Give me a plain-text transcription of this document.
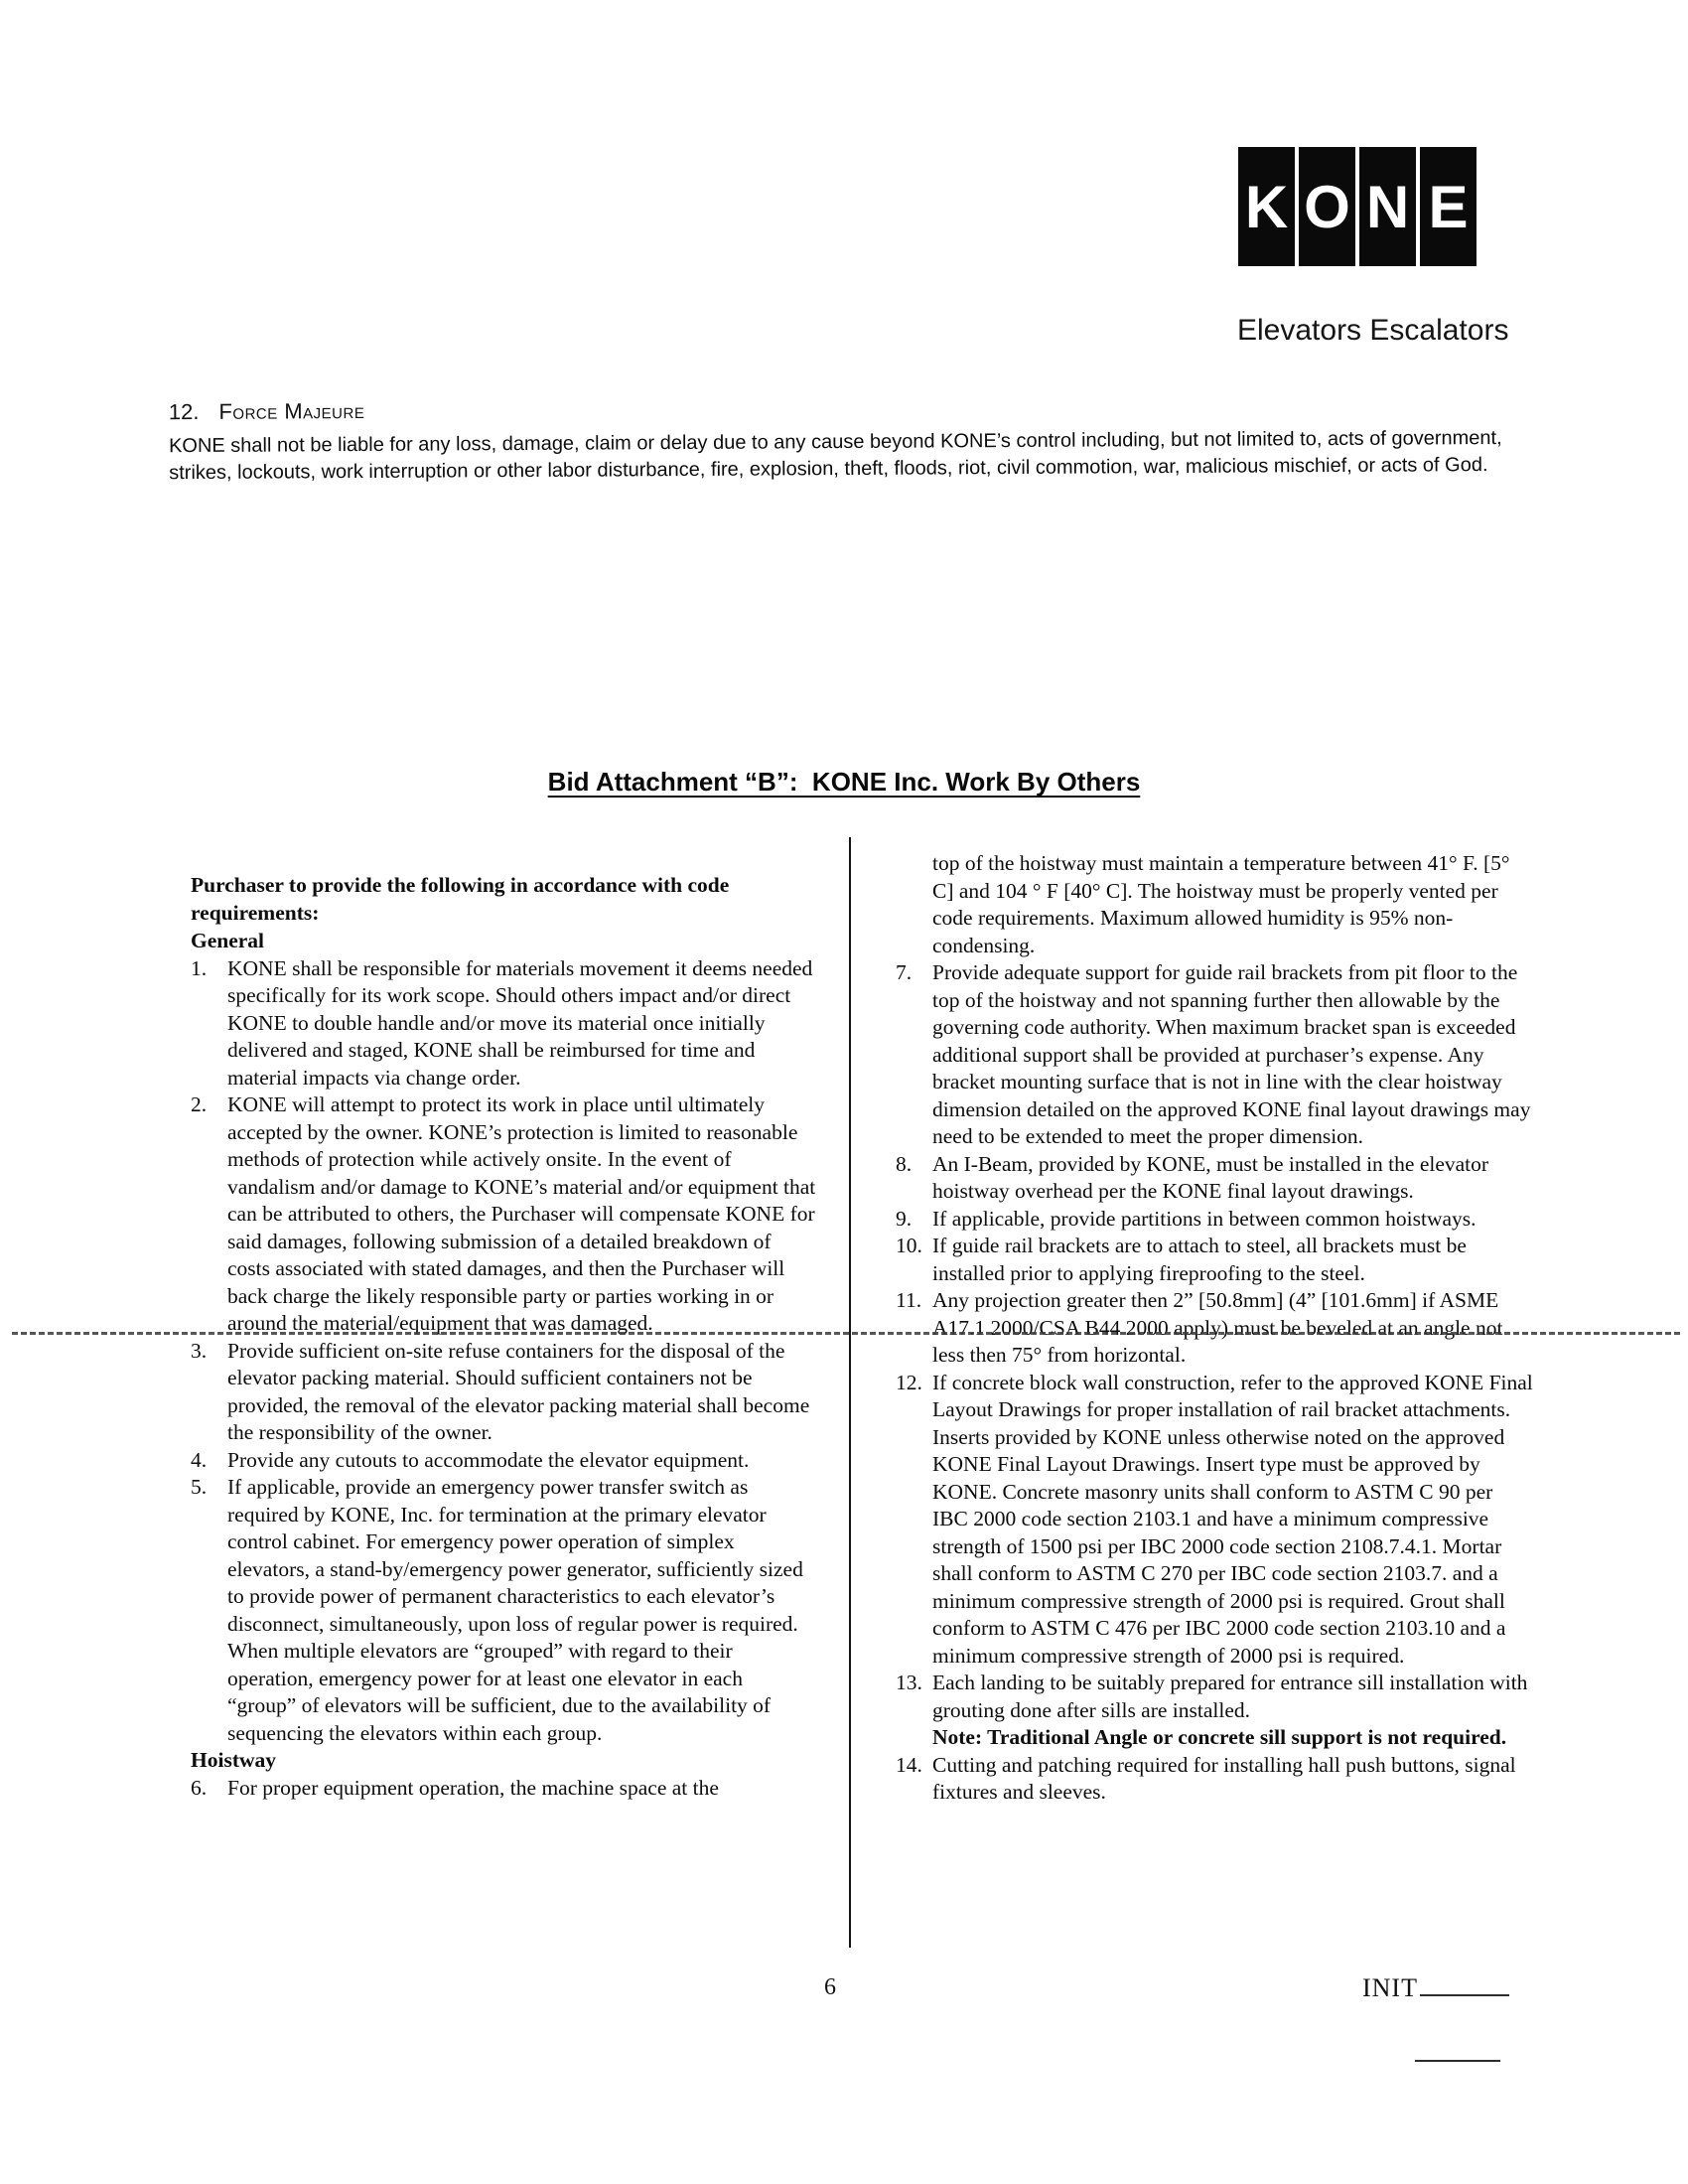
K O N E
Elevators Escalators
12. Force Majeure
KONE shall not be liable for any loss, damage, claim or delay due to any cause beyond KONE’s control including, but not limited to, acts of government, strikes, lockouts, work interruption or other labor disturbance, fire, explosion, theft, floods, riot, civil commotion, war, malicious mischief, or acts of God.
Bid Attachment “B”:  KONE Inc. Work By Others
Purchaser to provide the following in accordance with code requirements:
General
1. KONE shall be responsible for materials movement it deems needed specifically for its work scope. Should others impact and/or direct KONE to double handle and/or move its material once initially delivered and staged, KONE shall be reimbursed for time and material impacts via change order.
2. KONE will attempt to protect its work in place until ultimately accepted by the owner. KONE’s protection is limited to reasonable methods of protection while actively onsite. In the event of vandalism and/or damage to KONE’s material and/or equipment that can be attributed to others, the Purchaser will compensate KONE for said damages, following submission of a detailed breakdown of costs associated with stated damages, and then the Purchaser will back charge the likely responsible party or parties working in or around the material/equipment that was damaged.
3. Provide sufficient on-site refuse containers for the disposal of the elevator packing material. Should sufficient containers not be provided, the removal of the elevator packing material shall become the responsibility of the owner.
4. Provide any cutouts to accommodate the elevator equipment.
5. If applicable, provide an emergency power transfer switch as required by KONE, Inc. for termination at the primary elevator control cabinet. For emergency power operation of simplex elevators, a stand-by/emergency power generator, sufficiently sized to provide power of permanent characteristics to each elevator’s disconnect, simultaneously, upon loss of regular power is required. When multiple elevators are “grouped” with regard to their operation, emergency power for at least one elevator in each “group” of elevators will be sufficient, due to the availability of sequencing the elevators within each group.
Hoistway
6. For proper equipment operation, the machine space at the
top of the hoistway must maintain a temperature between 41° F. [5° C] and 104 ° F [40° C]. The hoistway must be properly vented per code requirements. Maximum allowed humidity is 95% non-condensing.
7. Provide adequate support for guide rail brackets from pit floor to the top of the hoistway and not spanning further then allowable by the governing code authority. When maximum bracket span is exceeded additional support shall be provided at purchaser’s expense. Any bracket mounting surface that is not in line with the clear hoistway dimension detailed on the approved KONE final layout drawings may need to be extended to meet the proper dimension.
8. An I-Beam, provided by KONE, must be installed in the elevator hoistway overhead per the KONE final layout drawings.
9. If applicable, provide partitions in between common hoistways.
10. If guide rail brackets are to attach to steel, all brackets must be installed prior to applying fireproofing to the steel.
11. Any projection greater then 2” [50.8mm] (4” [101.6mm] if ASME A17.1 2000/CSA B44 2000 apply) must be beveled at an angle not less then 75° from horizontal.
12. If concrete block wall construction, refer to the approved KONE Final Layout Drawings for proper installation of rail bracket attachments. Inserts provided by KONE unless otherwise noted on the approved KONE Final Layout Drawings. Insert type must be approved by KONE. Concrete masonry units shall conform to ASTM C 90 per IBC 2000 code section 2103.1 and have a minimum compressive strength of 1500 psi per IBC 2000 code section 2108.7.4.1. Mortar shall conform to ASTM C 270 per IBC code section 2103.7. and a minimum compressive strength of 2000 psi is required. Grout shall conform to ASTM C 476 per IBC 2000 code section 2103.10 and a minimum compressive strength of 2000 psi is required.
13. Each landing to be suitably prepared for entrance sill installation with grouting done after sills are installed.
Note: Traditional Angle or concrete sill support is not required.
14. Cutting and patching required for installing hall push buttons, signal fixtures and sleeves.
6	INIT
